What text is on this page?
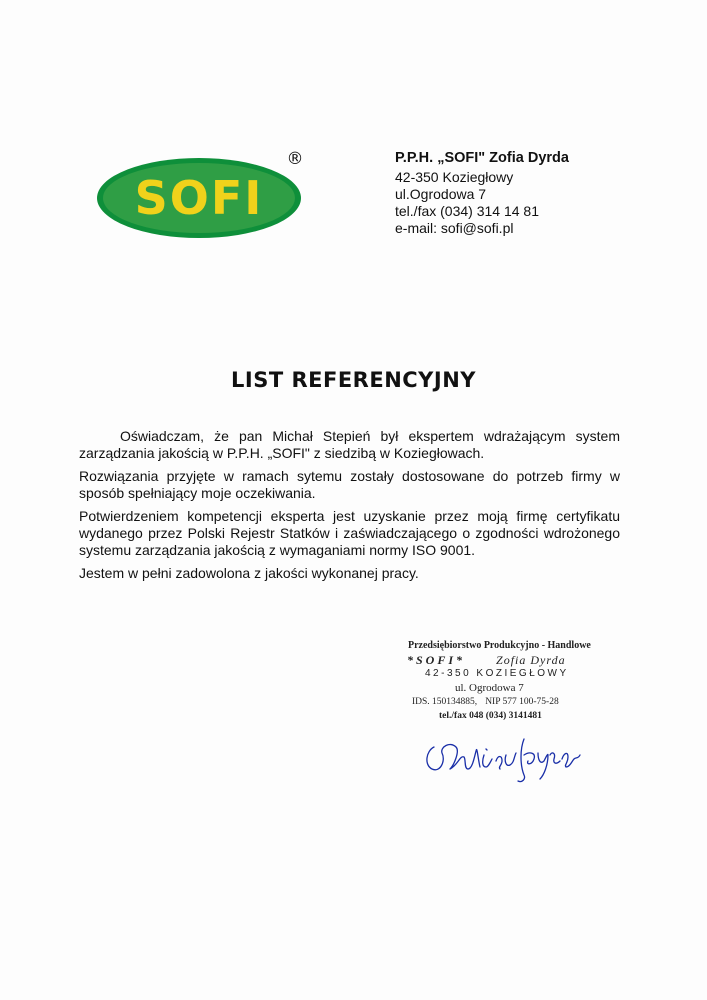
SOFI
®	P.P.H. „SOFI" Zofia Dyrda
42-350 Koziegłowy
ul.Ogrodowa 7
tel./fax (034) 314 14 81
e-mail: sofi@sofi.pl
LIST REFERENCYJNY

Oświadczam, że pan Michał Stepień był ekspertem wdrażającym system zarządzania jakością w P.P.H. „SOFI" z siedzibą w Koziegłowach.

Rozwiązania przyjęte w ramach sytemu zostały dostosowane do potrzeb firmy w sposób spełniający moje oczekiwania.

Potwierdzeniem kompetencji eksperta jest uzyskanie przez moją firmę certyfikatu wydanego przez Polski Rejestr Statków i zaświadczającego o zgodności wdrożonego systemu zarządzania jakością z wymaganiami normy ISO 9001.

Jestem w pełni zadowolona z jakości wykonanej pracy.

Przedsiębiorstwo Produkcyjno - Handlowe
*SOFI*	Zofia Dyrda
42-350 KOZIEGŁOWY
ul. Ogrodowa 7
IDS. 150134885, NIP 577 100-75-28
tel./fax 048 (034) 3141481
